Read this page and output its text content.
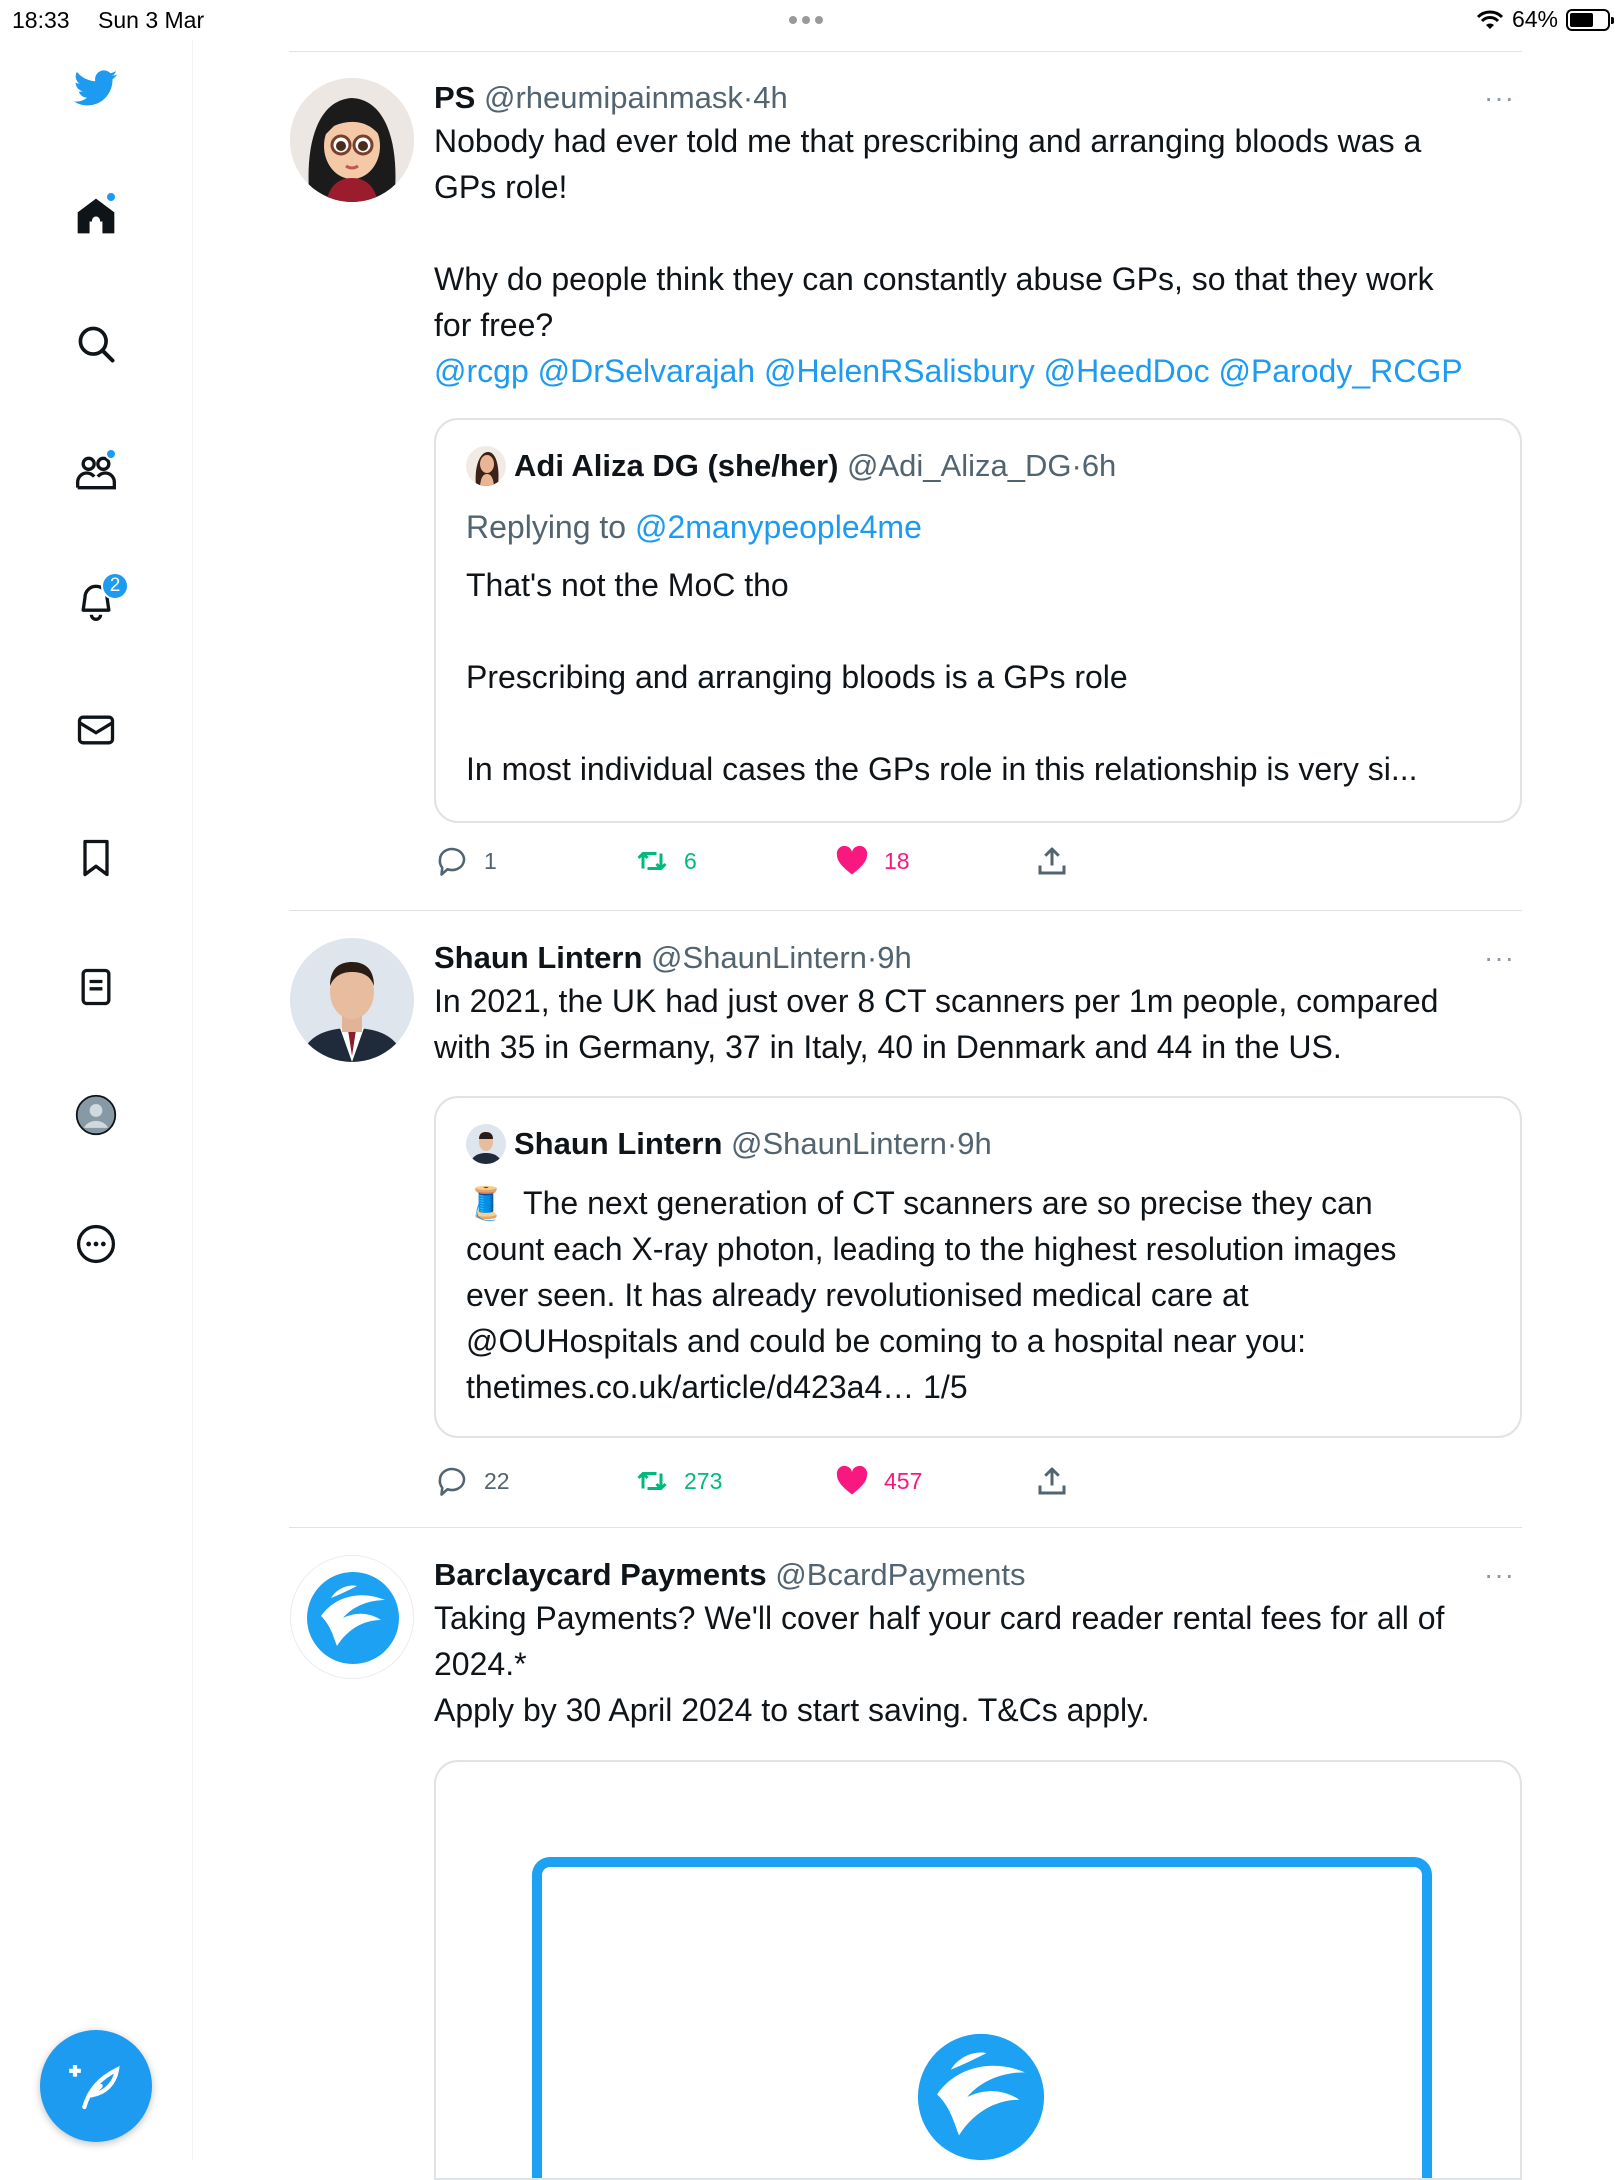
18:33 Sun 3 Mar	64%
2
PS @rheumipainmask·4h	···
Nobody had ever told me that prescribing and arranging bloods was a
GPs role!

Why do people think they can constantly abuse GPs, so that they work
for free?
@rcgp @DrSelvarajah @HelenRSalisbury @HeedDoc @Parody_RCGP
Adi Aliza DG (she/her)
@Adi_Aliza_DG · 6h
Replying to @2manypeople4me
That's not the MoC tho

Prescribing and arranging bloods is a GPs role

In most individual cases the GPs role in this relationship is very si...
1	6	18
Shaun Lintern @ShaunLintern·9h	···
In 2021, the UK had just over 8 CT scanners per 1m people, compared
with 35 in Germany, 37 in Italy, 40 in Denmark and 44 in the US.
Shaun Lintern
@ShaunLintern · 9h
🧵  The next generation of CT scanners are so precise they can
count each X-ray photon, leading to the highest resolution images
ever seen. It has already revolutionised medical care at
@OUHospitals and could be coming to a hospital near you:
thetimes.co.uk/article/d423a4… 1/5
22	273	457
Barclaycard Payments @BcardPayments	···
Taking Payments? We'll cover half your card reader rental fees for all of
2024.*
Apply by 30 April 2024 to start saving. T&Cs apply.
